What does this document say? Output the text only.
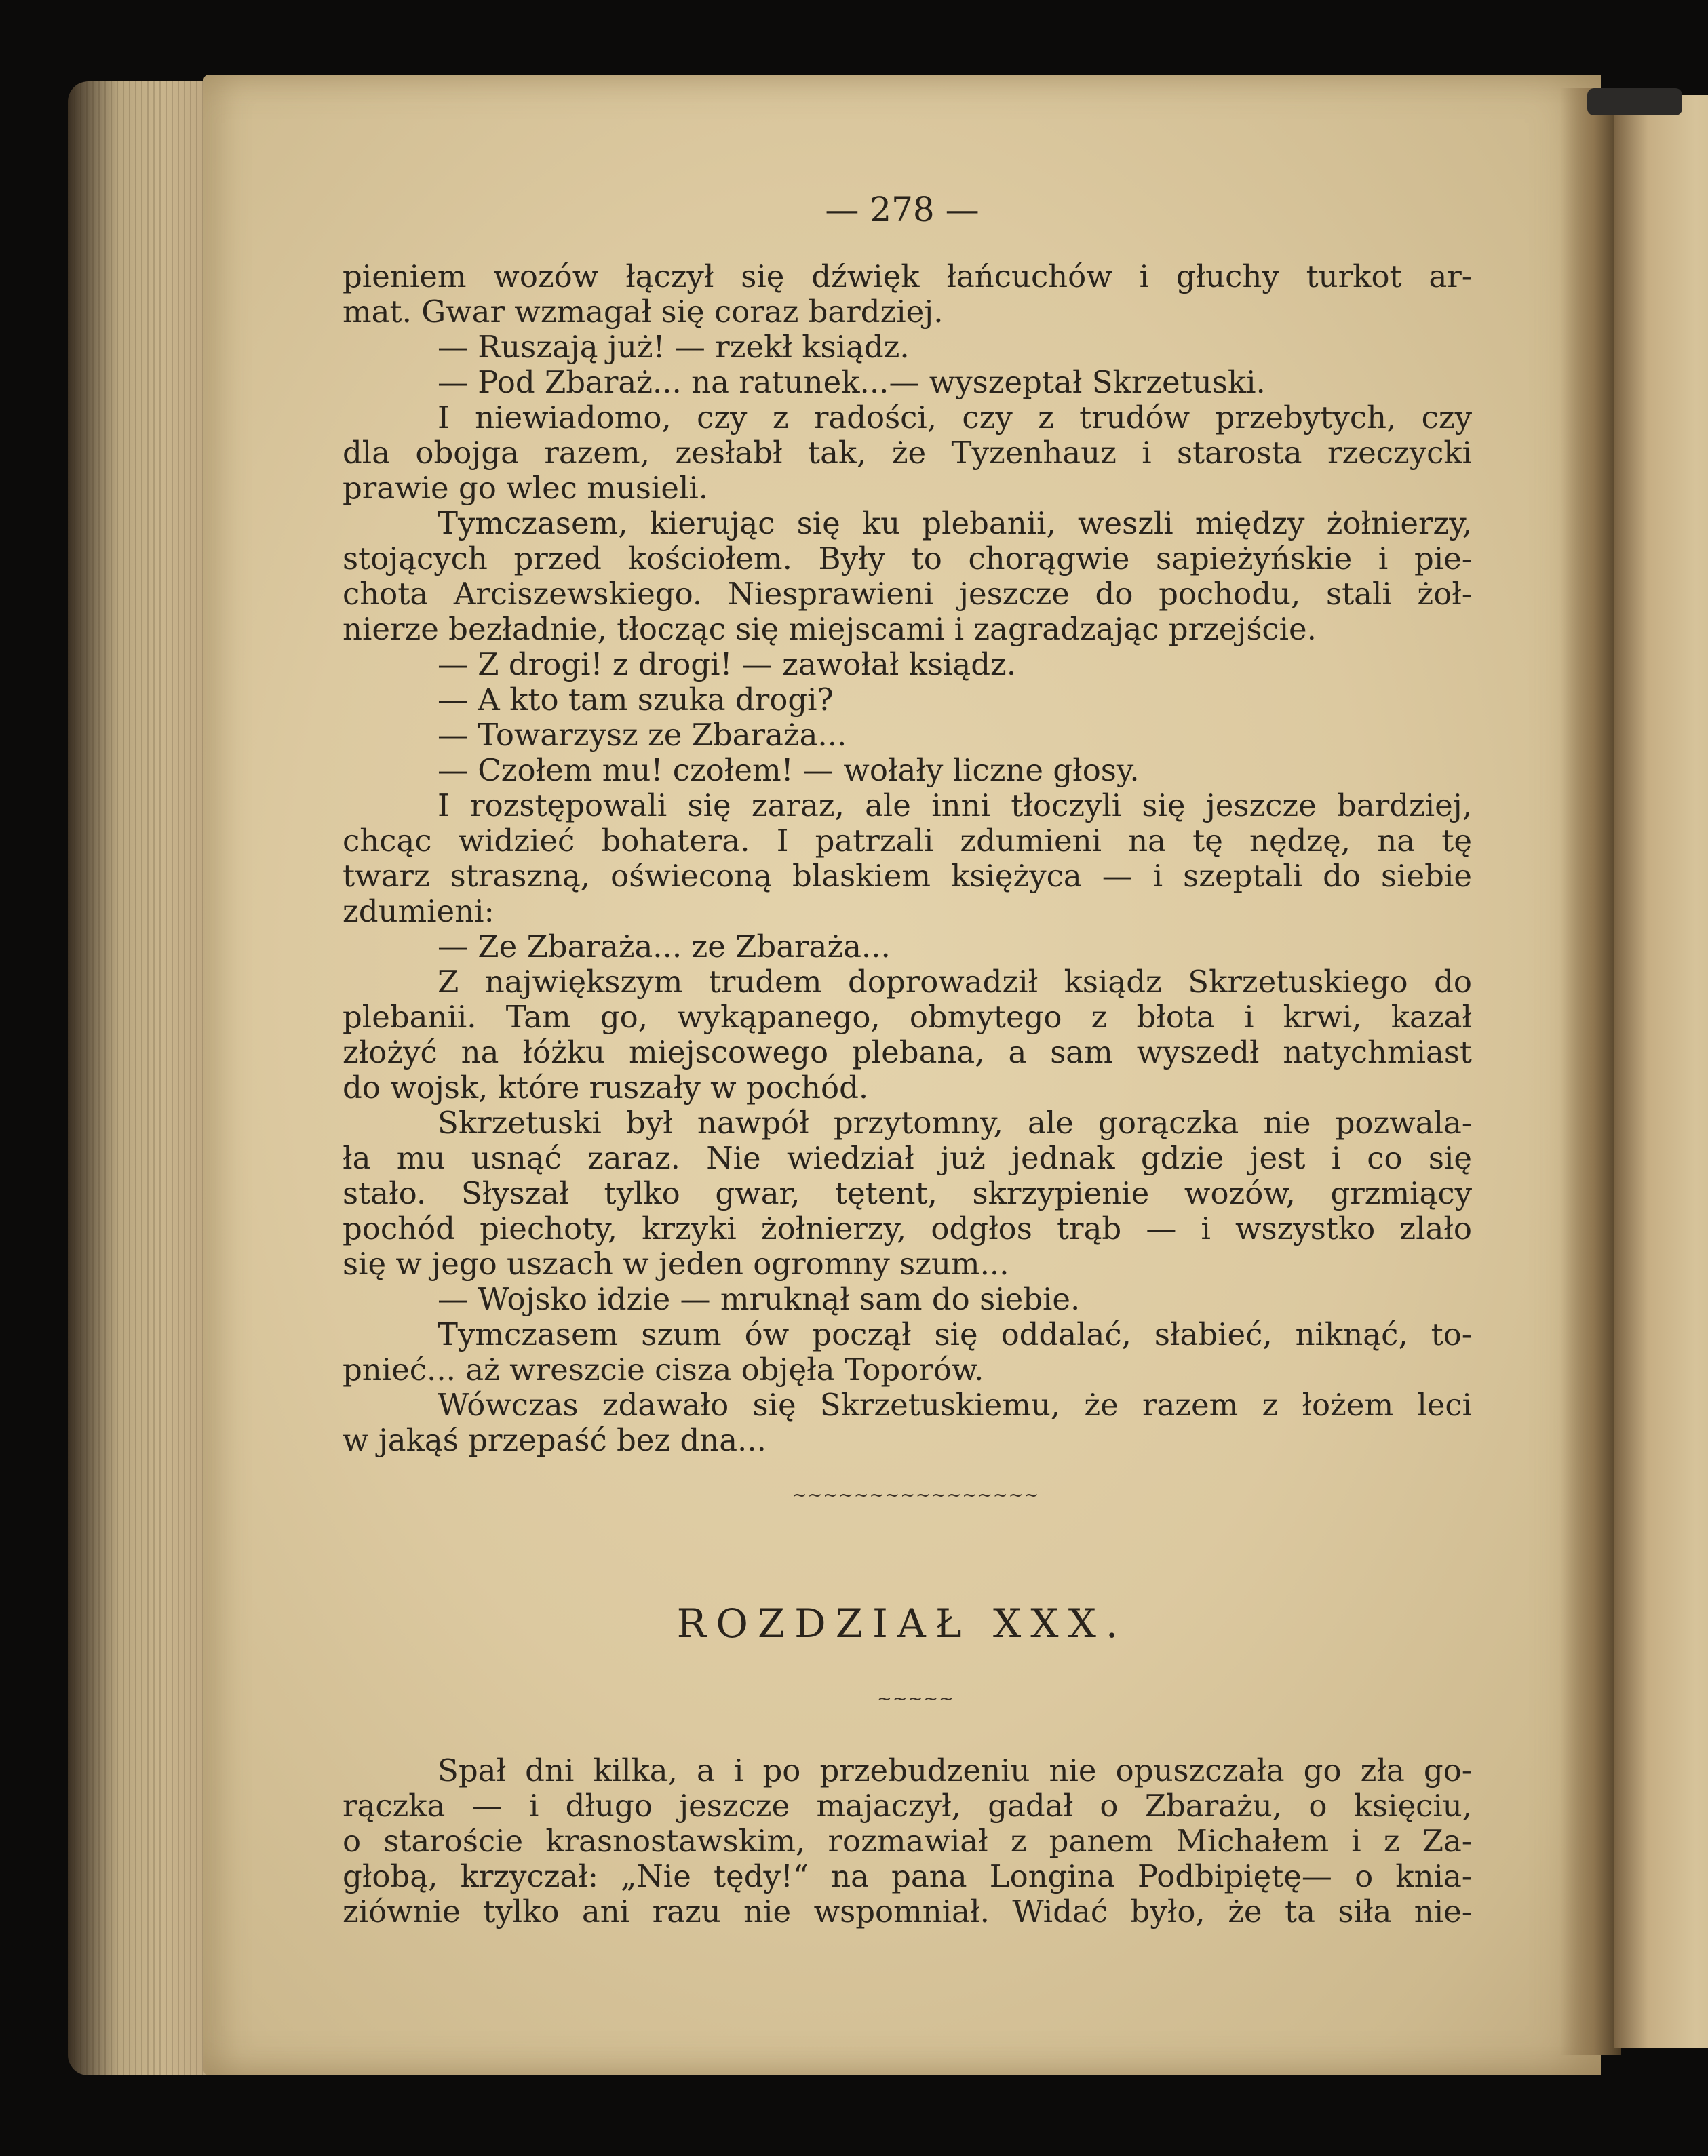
— 278 —
pieniem wozów łączył się dźwięk łańcuchów i głuchy turkot ar-
mat. Gwar wzmagał się coraz bardziej.
— Ruszają już! — rzekł ksiądz.
— Pod Zbaraż... na ratunek...— wyszeptał Skrzetuski.
I niewiadomo, czy z radości, czy z trudów przebytych, czy
dla obojga razem, zesłabł tak, że Tyzenhauz i starosta rzeczycki
prawie go wlec musieli.
Tymczasem, kierując się ku plebanii, weszli między żołnierzy,
stojących przed kościołem. Były to chorągwie sapieżyńskie i pie-
chota Arciszewskiego. Niesprawieni jeszcze do pochodu, stali żoł-
nierze bezładnie, tłocząc się miejscami i zagradzając przejście.
— Z drogi! z drogi! — zawołał ksiądz.
— A kto tam szuka drogi?
— Towarzysz ze Zbaraża...
— Czołem mu! czołem! — wołały liczne głosy.
I rozstępowali się zaraz, ale inni tłoczyli się jeszcze bardziej,
chcąc widzieć bohatera. I patrzali zdumieni na tę nędzę, na tę
twarz straszną, oświeconą blaskiem księżyca — i szeptali do siebie
zdumieni:
— Ze Zbaraża... ze Zbaraża...
Z największym trudem doprowadził ksiądz Skrzetuskiego do
plebanii. Tam go, wykąpanego, obmytego z błota i krwi, kazał
złożyć na łóżku miejscowego plebana, a sam wyszedł natychmiast
do wojsk, które ruszały w pochód.
Skrzetuski był nawpół przytomny, ale gorączka nie pozwala-
ła mu usnąć zaraz. Nie wiedział już jednak gdzie jest i co się
stało. Słyszał tylko gwar, tętent, skrzypienie wozów, grzmiący
pochód piechoty, krzyki żołnierzy, odgłos trąb — i wszystko zlało
się w jego uszach w jeden ogromny szum...
— Wojsko idzie — mruknął sam do siebie.
Tymczasem szum ów począł się oddalać, słabieć, niknąć, to-
pnieć... aż wreszcie cisza objęła Toporów.
Wówczas zdawało się Skrzetuskiemu, że razem z łożem leci
w jakąś przepaść bez dna...
Spał dni kilka, a i po przebudzeniu nie opuszczała go zła go-
rączka — i długo jeszcze majaczył, gadał o Zbarażu, o księciu,
o staroście krasnostawskim, rozmawiał z panem Michałem i z Za-
głobą, krzyczał: „Nie tędy!“ na pana Longina Podbipiętę— o knia-
ziównie tylko ani razu nie wspomniał. Widać było, że ta siła nie-
~~~~~~~~~~~~~~~~
ROZDZIAŁ XXX.
~~~~~
